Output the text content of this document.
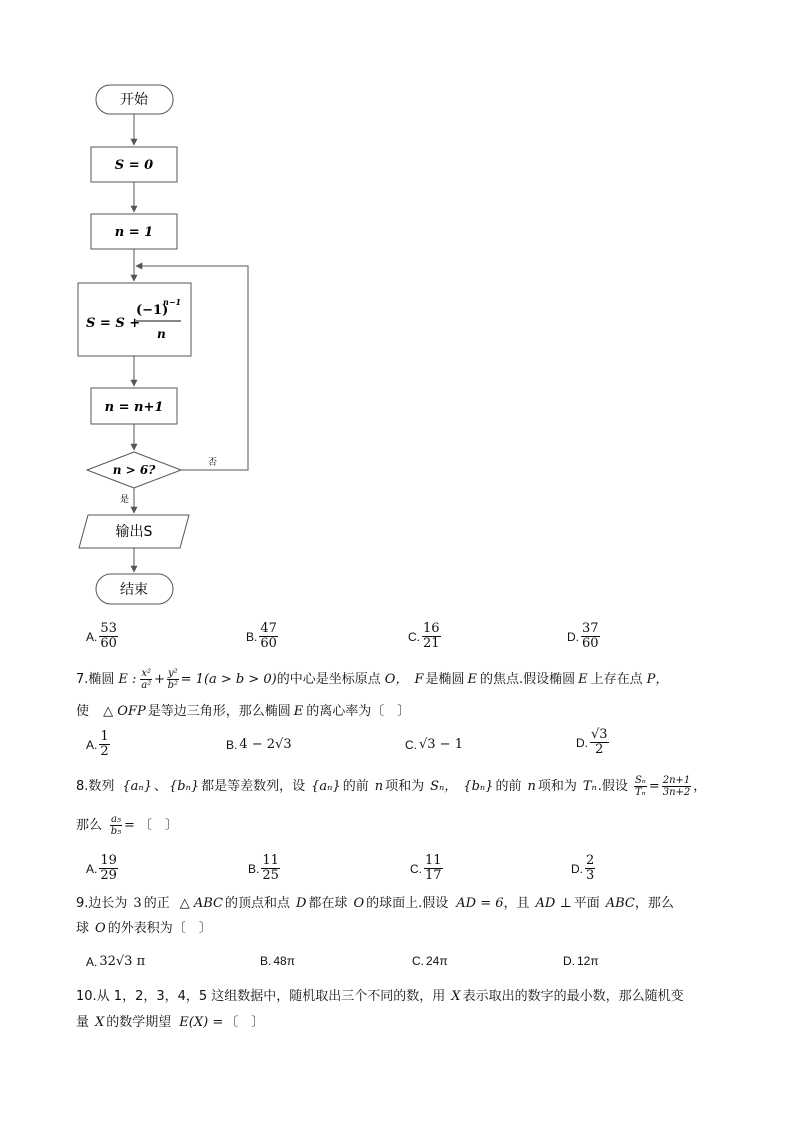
开始
S = 0
n = 1
S = S +
(−1)
n−1
n
n = n+1
n > 6?	否
是
输出S
结束
A. $\frac{53}{60}$	B. $\frac{47}{60}$	C. $\frac{16}{21}$	D. $\frac{37}{60}$
7.椭圆 E : x²
$a^2 + \frac{\text{y²}}{\text{b²}} = 1(a > b > 0)$ 的中心是坐标原点 O， F 是椭圆 E 的焦点.假设椭圆 E 上存在点 P，
使 △ OFP 是等边三角形，那么椭圆 E 的离心率为〔　〕
A. $\frac{1}{2}$	B. 4 − 2√3	C. √3 − 1	D. $\frac{√3}{2}$
8.数列 {aₙ} 、 {bₙ} 都是等差数列，设 {aₙ} 的前 n 项和为 Sₙ， {bₙ} 的前 n 项和为 Tₙ .假设 $\frac{\text{Sₙ}}{\text{Tₙ}} = \frac{2n+1}{3n+2}$ ，
那么 $\frac{\text{a₅}}{\text{b₅}}$ = 〔　〕
A. $\frac{19}{29}$	B. $\frac{11}{25}$	C. $\frac{11}{17}$	D. $\frac{2}{3}$
9.边长为 3 的正 △ ABC 的顶点和点 D 都在球 O 的球面上.假设 AD = 6，且 AD ⊥ 平面 ABC，那么
球 O 的外表积为〔　〕
A. 32√3 π	B. 48π	C. 24π	D. 12π
10.从 1，2，3，4，5 这组数据中，随机取出三个不同的数，用 X 表示取出的数字的最小数，那么随机变
量 X 的数学期望 E(X) = 〔　〕
